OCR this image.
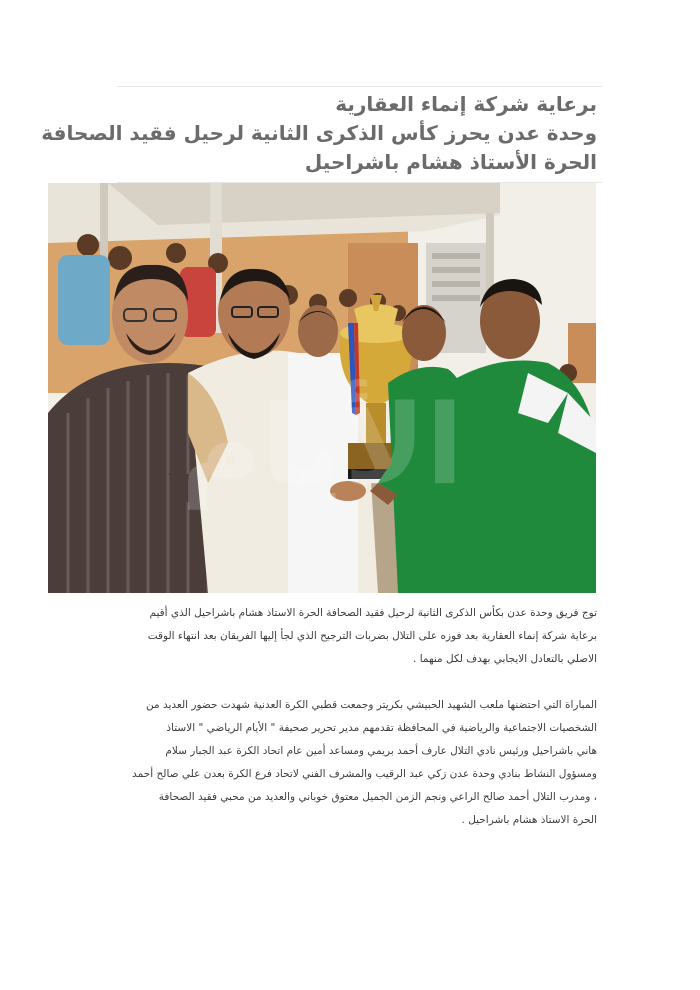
برعاية شركة إنماء العقارية
وحدة عدن يحرز كأس الذكرى الثانية لرحيل فقيد الصحافة
الحرة الأستاذ هشام باشراحيل
الأيام
توج فريق وحدة عدن بكأس الذكرى الثانية لرحيل فقيد الصحافة الحرة الاستاذ هشام باشراحيل الذي أقيم
برعاية شركة إنماء العقارية بعد فوزه على التلال بضربات الترجيح الذي لجأ إليها الفريقان بعد انتهاء الوقت
الاصلي بالتعادل الايجابي بهدف لكل منهما .
المباراة التي احتضنها ملعب الشهيد الحبيشي بكريتر وجمعت قطبي الكرة العدنية شهدت حضور العديد من
الشخصيات الاجتماعية والرياضية في المحافظة تقدمهم مدير تحرير صحيفة " الأيام الرياضي " الاستاذ
هاني باشراحيل ورئيس نادي التلال عارف أحمد بريمي ومساعد أمين عام اتحاد الكرة عبد الجبار سلام
ومسؤول النشاط بنادي وحدة عدن زكي عبد الرقيب والمشرف الفني لاتحاد فرع الكرة بعدن علي صالح أحمد
، ومدرب التلال أحمد صالح الراعي ونجم الزمن الجميل معتوق خوباني والعديد من محبي فقيد الصحافة
الحرة الاستاذ هشام باشراحيل .
